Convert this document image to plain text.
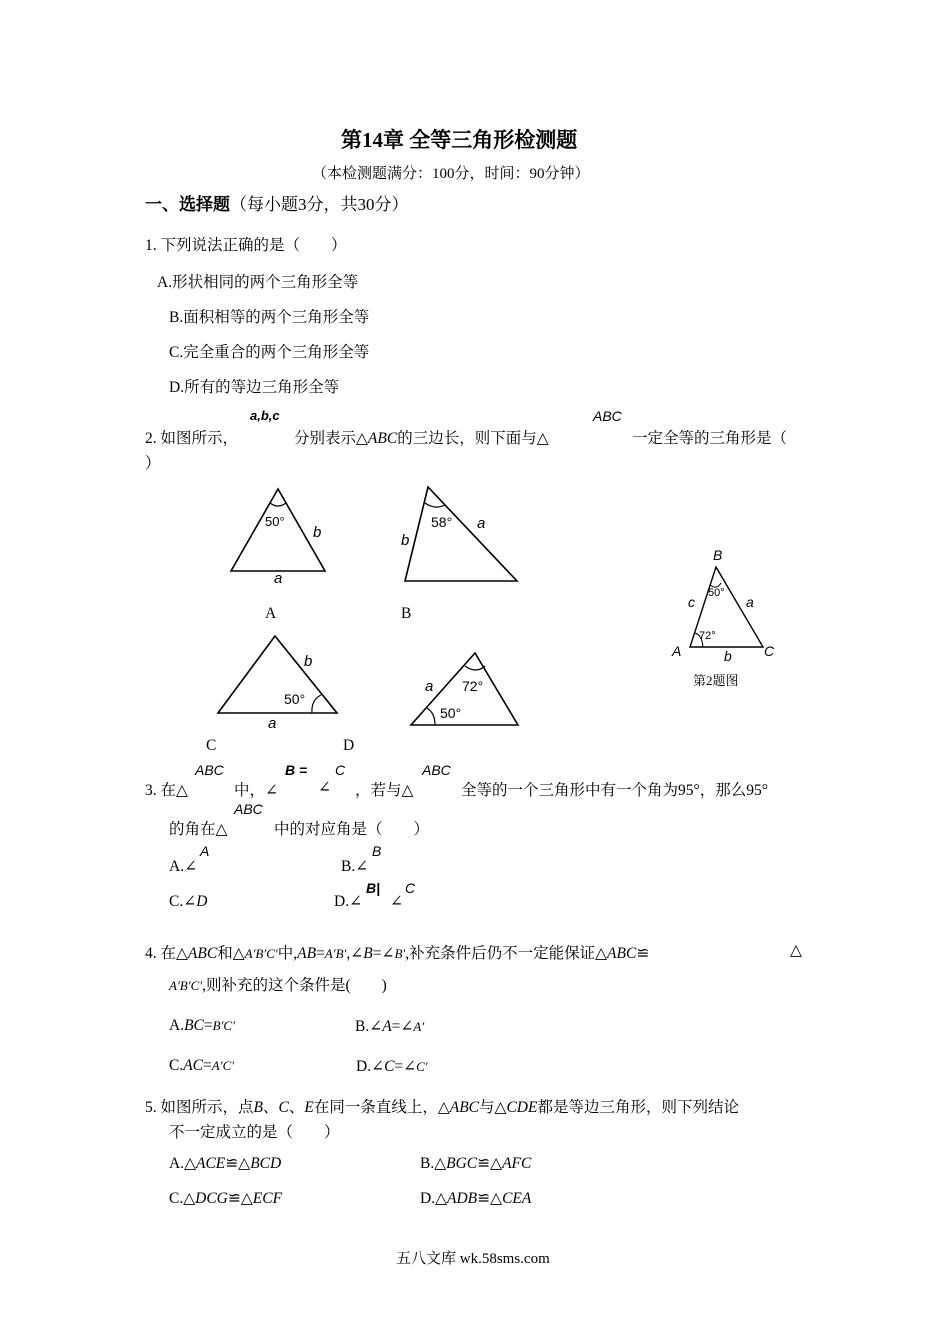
第14章 全等三角形检测题
（本检测题满分：100分，时间：90分钟）
一、选择题（每小题3分，共30分）
1. 下列说法正确的是（　　）
A.形状相同的两个三角形全等
B.面积相等的两个三角形全等
C.完全重合的两个三角形全等
D.所有的等边三角形全等
2. 如图所示，
a,b,c
分别表示△ABC的三边长，则下面与△
ABC
一定全等的三角形是（
）
50°
b
a
A
58°
b
a
B
50°
b
a
C
72°
50°
a
D
B
A	C
a
b
c
50°
72°
第2题图
3. 在△
ABC
中，∠
B =
∠
C
，若与△
ABC
全等的一个三角形中有一个角为95°，那么95°
的角在△
ABC
中的对应角是（　　）
A.∠
A
B.∠
B
C.∠D	D.∠
B|
∠
C
4. 在△ABC和△A′B′C′中,AB=A′B′,∠B=∠B′,补充条件后仍不一定能保证△ABC≌	△
A′B′C′,则补充的这个条件是(　　)
A.BC=B′C′	B.∠A=∠A′
C.AC=A′C′	D.∠C=∠C′
5. 如图所示，点B、C、E在同一条直线上，△ABC与△CDE都是等边三角形，则下列结论
不一定成立的是（　　）
A.△ACE≌△BCD	B.△BGC≌△AFC
C.△DCG≌△ECF	D.△ADB≌△CEA
五八文库 wk.58sms.com
